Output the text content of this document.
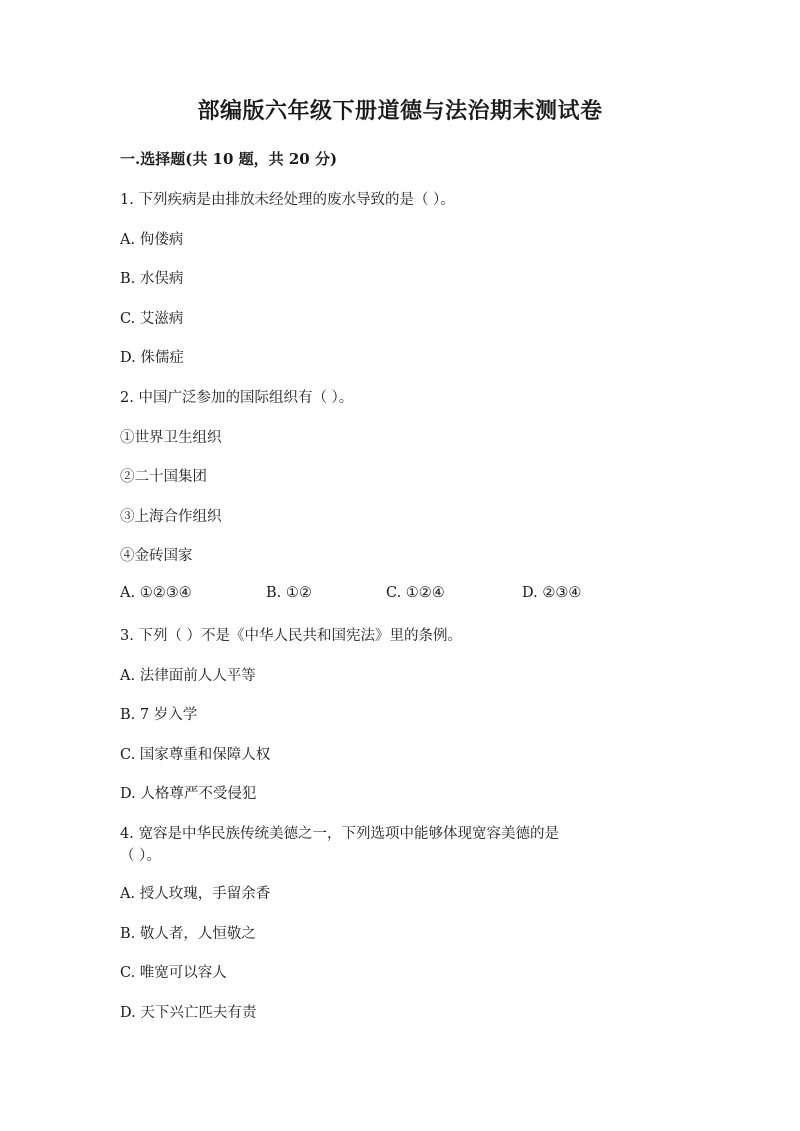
部编版六年级下册道德与法治期末测试卷
一.选择题(共 10 题，共 20 分)
1. 下列疾病是由排放未经处理的废水导致的是（ ）。
A. 佝偻病
B. 水俣病
C. 艾滋病
D. 侏儒症
2. 中国广泛参加的国际组织有（ ）。
①世界卫生组织
②二十国集团
③上海合作组织
④金砖国家
A. ①②③④	B. ①②	C. ①②④	D. ②③④
3. 下列（ ）不是《中华人民共和国宪法》里的条例。
A. 法律面前人人平等
B. 7 岁入学
C. 国家尊重和保障人权
D. 人格尊严不受侵犯
4. 宽容是中华民族传统美德之一，下列选项中能够体现宽容美德的是
（ ）。
A. 授人玫瑰，手留余香
B. 敬人者，人恒敬之
C. 唯宽可以容人
D. 天下兴亡匹夫有责
